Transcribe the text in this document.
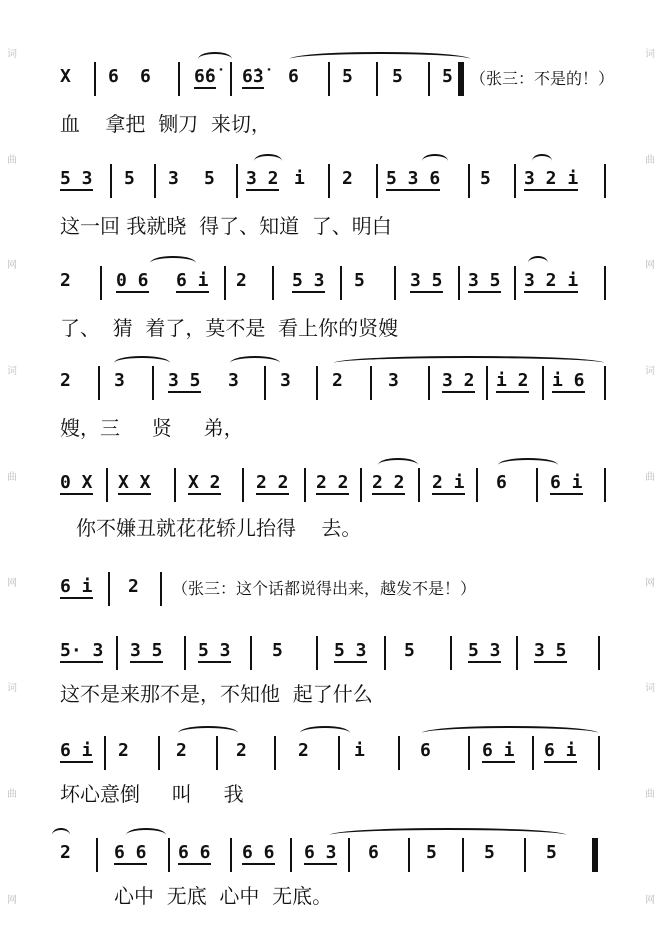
词
曲
网
词
曲
网
词
曲
网
词
曲
网
词
曲
网
词
曲
网
X 6 6 6̇6̇ 6̇3̇ 6 5 5 5 （张三：不是的！）
血    拿把  铡刀  来切，
5 3 5 3 5 3 2 i 2 5 3 6 5 3 2 i
这一回 我就晓  得了、知道  了、明白
2	0 6 6 i 2	5 3 5	3 5 3 5 3 2 i
了、  猜  着了，莫不是  看上你的贤嫂
2 3 3 5 3 3 2	3 3 2 i 2 i 6
嫂，三     贤     弟，
0 X X X X 2 2 2 2 2 2 2 2 i 6 6 i
你不嫌丑就花花轿儿抬得    去。
6 i 2 （张三：这个话都说得出来，越发不是！）
5· 3 3 5 5 3 5	5 3 5	5 3 3 5
这不是来那不是，不知他  起了什么
6 i 2	2	2	2	i	6	6 i 6 i
坏心意倒     叫     我
2 6 6 6 6 6 6 6 3 6	5	5	5
心中  无底  心中  无底。
